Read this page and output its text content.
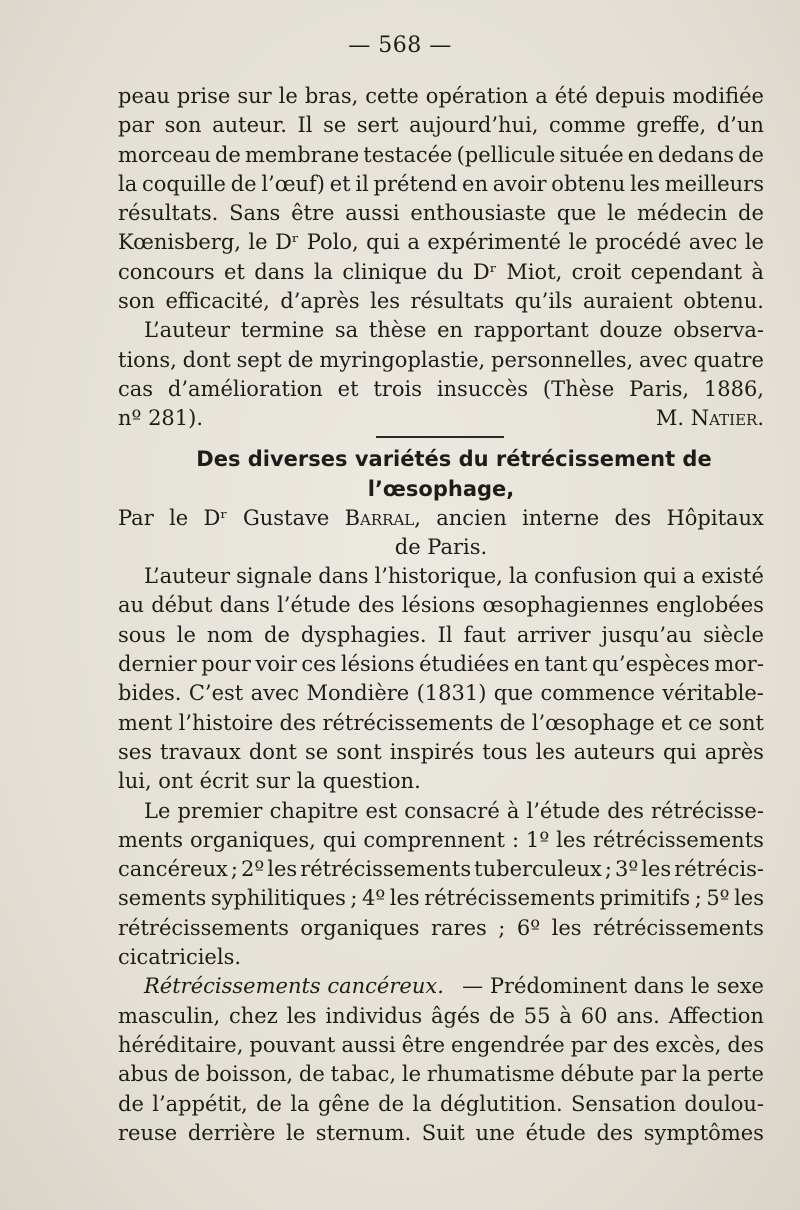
— 568 —
peau prise sur le bras, cette opération a été depuis modifiée
par son auteur. Il se sert aujourd’hui, comme greffe, d’un
morceau de membrane testacée (pellicule située en dedans de
la coquille de l’œuf) et il prétend en avoir obtenu les meilleurs
résultats. Sans être aussi enthousiaste que le médecin de
Kœnisberg, le Dʳ Polo, qui a expérimenté le procédé avec le
concours et dans la clinique du Dʳ Miot, croit cependant à
son efficacité, d’après les résultats qu’ils auraient obtenu.
L’auteur termine sa thèse en rapportant douze observa-
tions, dont sept de myringoplastie, personnelles, avec quatre
cas d’amélioration et trois insuccès (Thèse Paris, 1886,
nº 281).	M. Natier.
Des diverses variétés du rétrécissement de
l’œsophage,
Par le Dʳ Gustave Barral, ancien interne des Hôpitaux
de Paris.
L’auteur signale dans l’historique, la confusion qui a existé
au début dans l’étude des lésions œsophagiennes englobées
sous le nom de dysphagies. Il faut arriver jusqu’au siècle
dernier pour voir ces lésions étudiées en tant qu’espèces mor-
bides. C’est avec Mondière (1831) que commence véritable-
ment l’histoire des rétrécissements de l’œsophage et ce sont
ses travaux dont se sont inspirés tous les auteurs qui après
lui, ont écrit sur la question.
Le premier chapitre est consacré à l’étude des rétrécisse-
ments organiques, qui comprennent : 1º les rétrécissements
cancéreux ; 2º les rétrécissements tuberculeux ; 3º les rétrécis-
sements syphilitiques ; 4º les rétrécissements primitifs ; 5º les
rétrécissements organiques rares ; 6º les rétrécissements
cicatriciels.
Rétrécissements cancéreux. — Prédominent dans le sexe
masculin, chez les individus âgés de 55 à 60 ans. Affection
héréditaire, pouvant aussi être engendrée par des excès, des
abus de boisson, de tabac, le rhumatisme débute par la perte
de l’appétit, de la gêne de la déglutition. Sensation doulou-
reuse derrière le sternum. Suit une étude des symptômes
